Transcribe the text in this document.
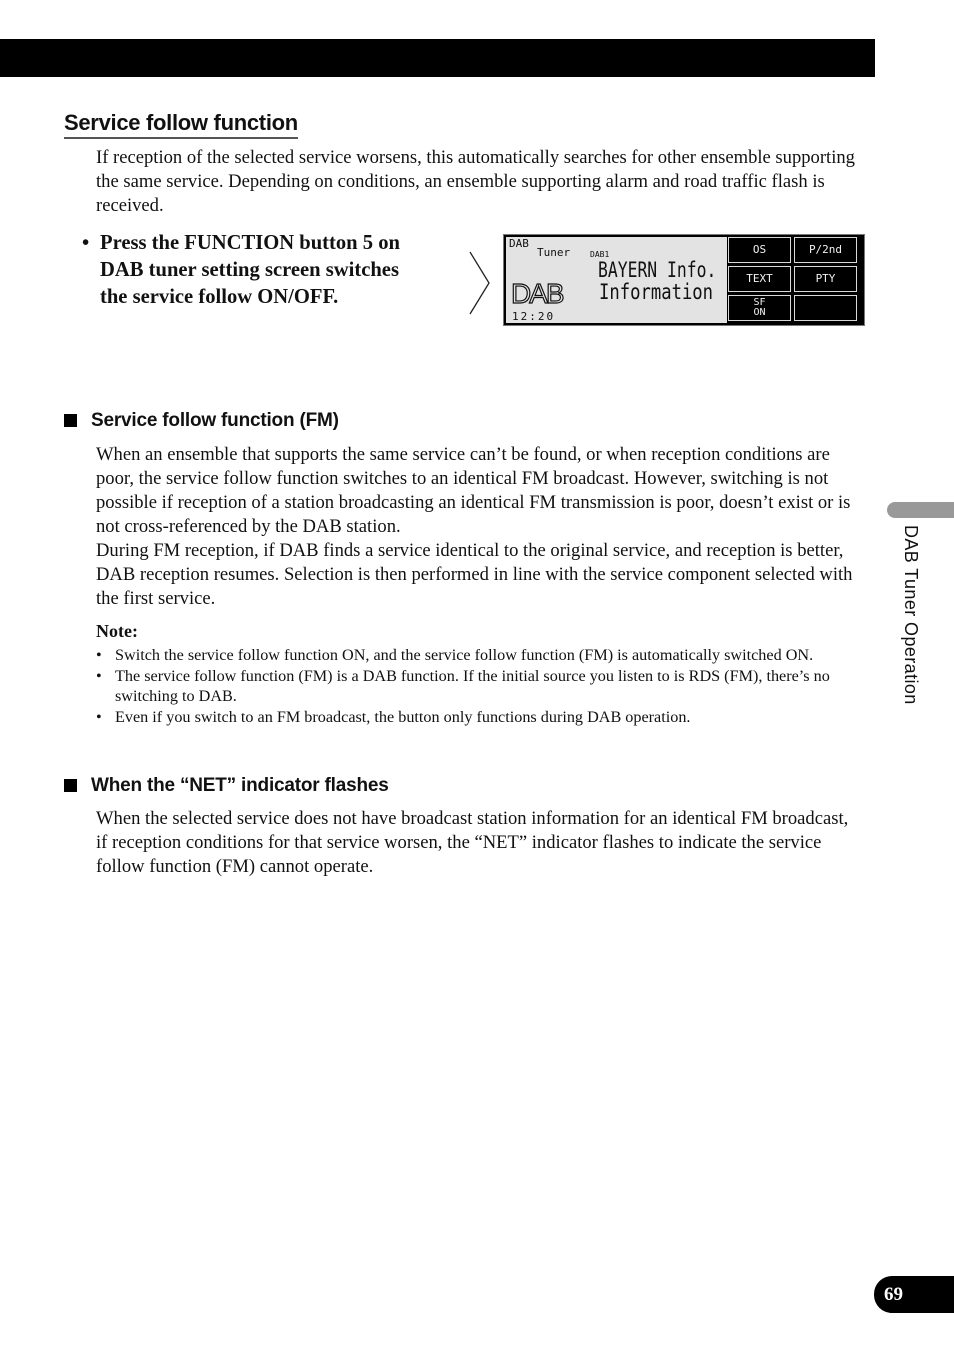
Service follow function

If reception of the selected service worsens, this automatically searches for other ensemble supporting the same service. Depending on conditions, an ensemble supporting alarm and road traffic flash is received.

• Press the FUNCTION button 5 on DAB tuner setting screen switches the service follow ON/OFF.
DAB
Tuner DAB1
BAYERN Info.
Information
DAB
12:20
OS	P/2nd
TEXT	PTY
SF
ON
Service follow function (FM)

When an ensemble that supports the same service can’t be found, or when reception conditions are poor, the service follow function switches to an identical FM broadcast. However, switching is not possible if reception of a station broadcasting an identical FM transmission is poor, doesn’t exist or is not cross-referenced by the DAB station.

During FM reception, if DAB finds a service identical to the original service, and reception is better, DAB reception resumes. Selection is then performed in line with the service component selected with the first service.

Note:
• Switch the service follow function ON, and the service follow function (FM) is automatically switched ON.
• The service follow function (FM) is a DAB function. If the initial source you listen to is RDS (FM), there’s no switching to DAB.
• Even if you switch to an FM broadcast, the button only functions during DAB operation.
When the “NET” indicator flashes

When the selected service does not have broadcast station information for an identical FM broadcast, if reception conditions for that service worsen, the “NET” indicator flashes to indicate the service follow function (FM) cannot operate.

DAB Tuner Operation
69
